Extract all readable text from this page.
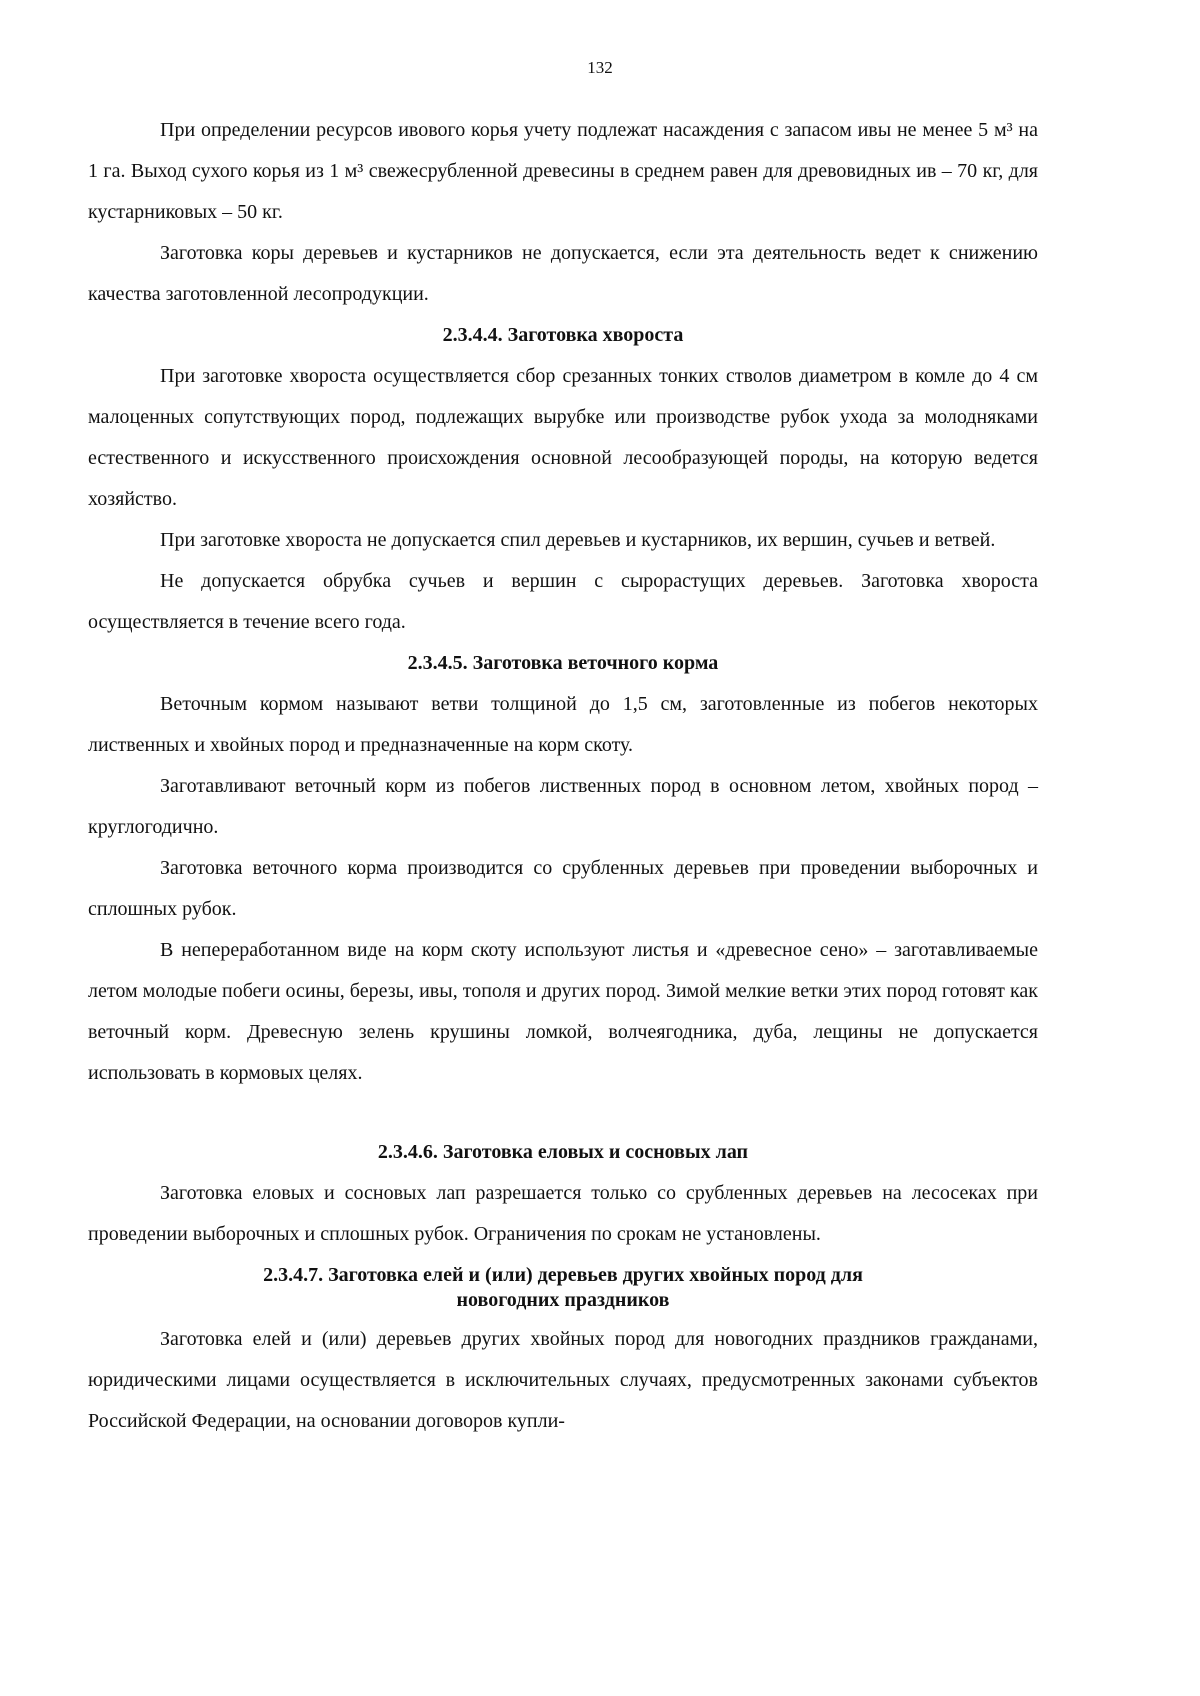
132

При определении ресурсов ивового корья учету подлежат насаждения с запасом ивы не менее 5 м³ на 1 га. Выход сухого корья из 1 м³ свежесрубленной древесины в среднем равен для древовидных ив – 70 кг, для кустарниковых – 50 кг.

Заготовка коры деревьев и кустарников не допускается, если эта деятельность ведет к снижению качества заготовленной лесопродукции.

2.3.4.4. Заготовка хвороста

При заготовке хвороста осуществляется сбор срезанных тонких стволов диаметром в комле до 4 см малоценных сопутствующих пород, подлежащих вырубке или производстве рубок ухода за молодняками естественного и искусственного происхождения основной лесообразующей породы, на которую ведется хозяйство.

При заготовке хвороста не допускается спил деревьев и кустарников, их вершин, сучьев и ветвей.

Не допускается обрубка сучьев и вершин с сырорастущих деревьев. Заготовка хвороста осуществляется в течение всего года.

2.3.4.5. Заготовка веточного корма

Веточным кормом называют ветви толщиной до 1,5 см, заготовленные из побегов некоторых лиственных и хвойных пород и предназначенные на корм скоту.

Заготавливают веточный корм из побегов лиственных пород в основном летом, хвойных пород – круглогодично.

Заготовка веточного корма производится со срубленных деревьев при проведении выборочных и сплошных рубок.

В непереработанном виде на корм скоту используют листья и «древесное сено» – заготавливаемые летом молодые побеги осины, березы, ивы, тополя и других пород. Зимой мелкие ветки этих пород готовят как веточный корм. Древесную зелень крушины ломкой, волчеягодника, дуба, лещины не допускается использовать в кормовых целях.

2.3.4.6. Заготовка еловых и сосновых лап

Заготовка еловых и сосновых лап разрешается только со срубленных деревьев на лесосеках при проведении выборочных и сплошных рубок. Ограничения по срокам не установлены.

2.3.4.7. Заготовка елей и (или) деревьев других хвойных пород для
новогодних праздников

Заготовка елей и (или) деревьев других хвойных пород для новогодних праздников гражданами, юридическими лицами осуществляется в исключительных случаях, предусмотренных законами субъектов Российской Федерации, на основании договоров купли-
